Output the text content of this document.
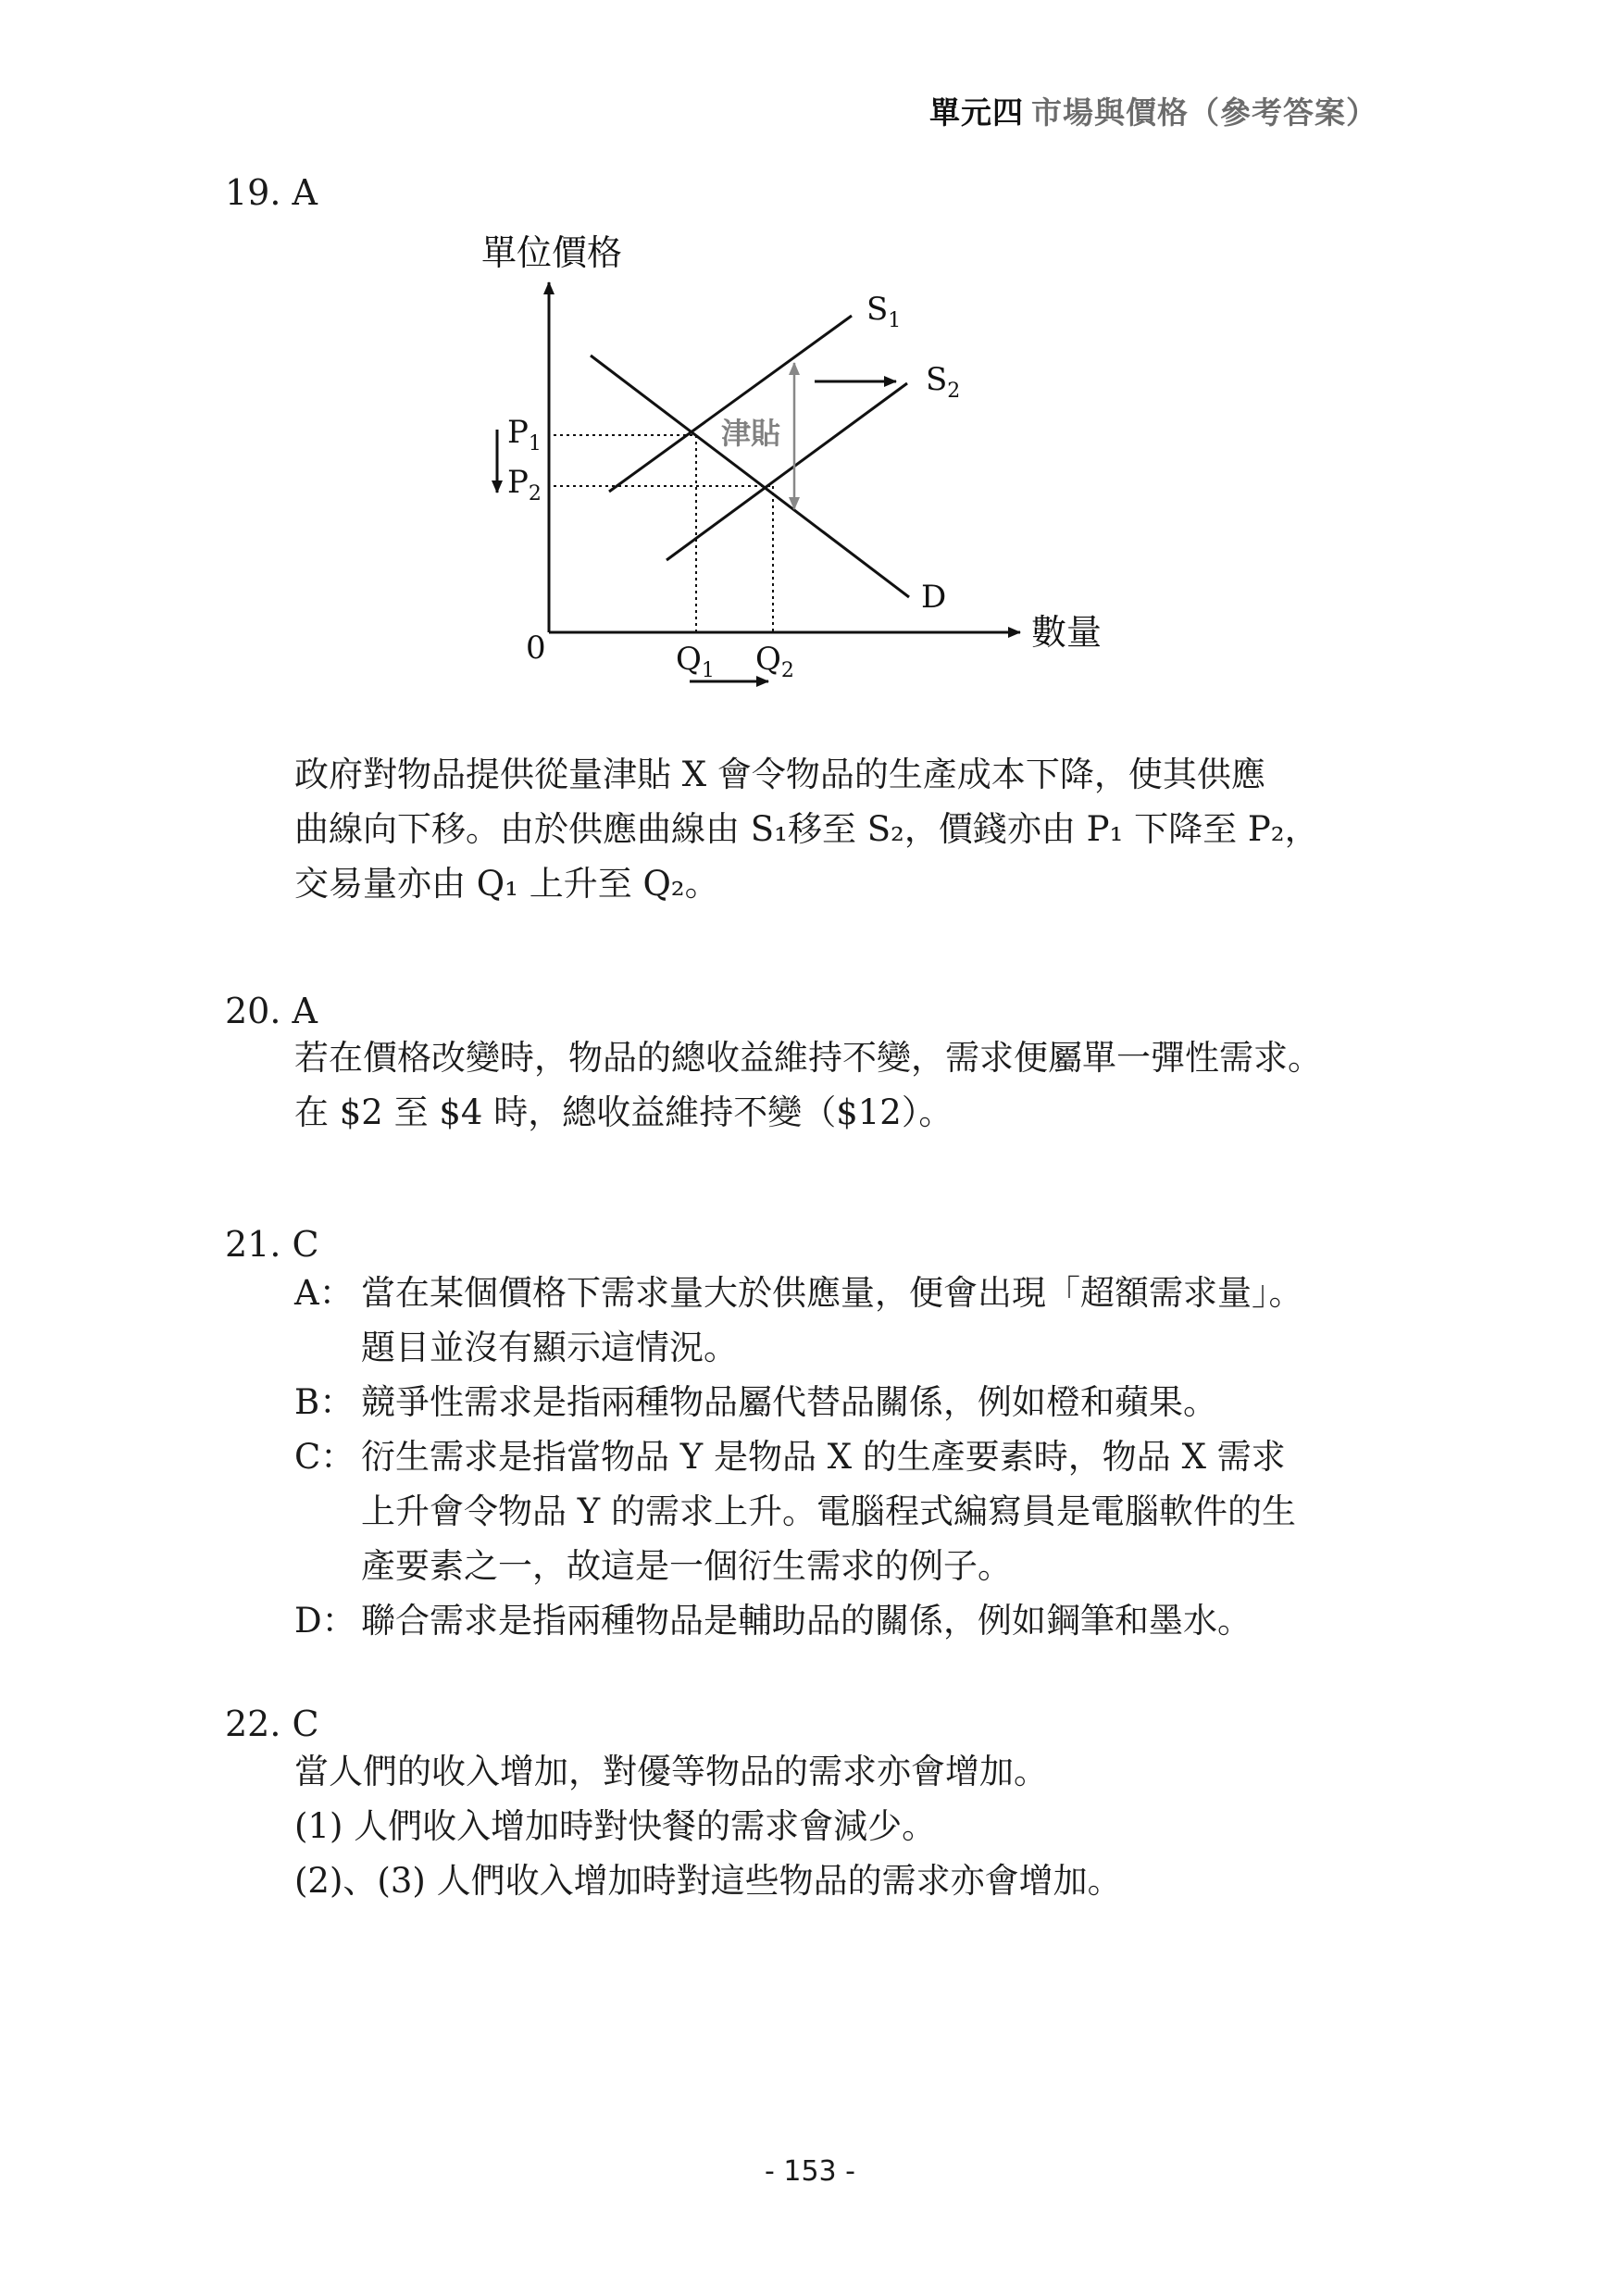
單元四 市場與價格（參考答案）
19. A
單位價格
數量
0
$P_1$
$P_2$
$Q_1$ $Q_2$
$S_1$
$S_2$
D
津貼

政府對物品提供從量津貼 X 會令物品的生產成本下降，使其供應

曲線向下移。由於供應曲線由 S₁移至 S₂，價錢亦由 P₁ 下降至 P₂，

交易量亦由 Q₁ 上升至 Q₂。

20. A

若在價格改變時，物品的總收益維持不變，需求便屬單一彈性需求。

在 $2 至 $4 時，總收益維持不變（$12）。

21. C
A： 當在某個價格下需求量大於供應量，便會出現「超額需求量」。
題目並沒有顯示這情況。
B： 競爭性需求是指兩種物品屬代替品關係，例如橙和蘋果。
C： 衍生需求是指當物品 Y 是物品 X 的生產要素時，物品 X 需求
上升會令物品 Y 的需求上升。電腦程式編寫員是電腦軟件的生
產要素之一，故這是一個衍生需求的例子。
D： 聯合需求是指兩種物品是輔助品的關係，例如鋼筆和墨水。
22. C

當人們的收入增加，對優等物品的需求亦會增加。

(1) 人們收入增加時對快餐的需求會減少。

(2)、(3) 人們收入增加時對這些物品的需求亦會增加。

- 153 -
